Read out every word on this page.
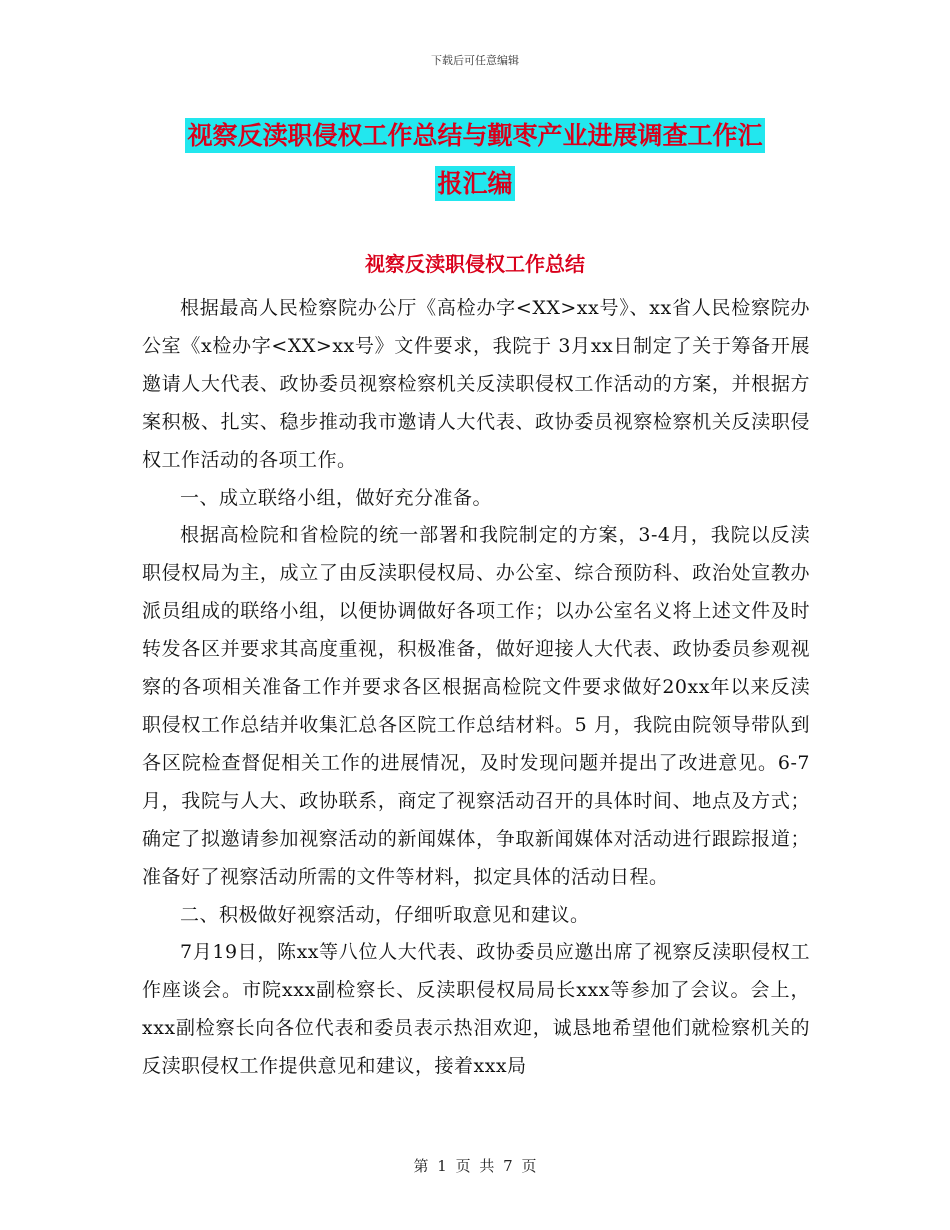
下载后可任意编辑
视察反渎职侵权工作总结与觐枣产业进展调查工作汇
报汇编
视察反渎职侵权工作总结

根据最高人民检察院办公厅《高检办字<XX>xx号》、xx省人民检察院办公室《x检办字<XX>xx号》文件要求，我院于 3月xx日制定了关于筹备开展邀请人大代表、政协委员视察检察机关反渎职侵权工作活动的方案，并根据方案积极、扎实、稳步推动我市邀请人大代表、政协委员视察检察机关反渎职侵权工作活动的各项工作。

一、成立联络小组，做好充分准备。

根据高检院和省检院的统一部署和我院制定的方案，3-4月，我院以反渎职侵权局为主，成立了由反渎职侵权局、办公室、综合预防科、政治处宣教办派员组成的联络小组，以便协调做好各项工作；以办公室名义将上述文件及时转发各区并要求其高度重视，积极准备，做好迎接人大代表、政协委员参观视察的各项相关准备工作并要求各区根据高检院文件要求做好20xx年以来反渎职侵权工作总结并收集汇总各区院工作总结材料。5 月，我院由院领导带队到各区院检查督促相关工作的进展情况，及时发现问题并提出了改进意见。6-7月，我院与人大、政协联系，商定了视察活动召开的具体时间、地点及方式；确定了拟邀请参加视察活动的新闻媒体，争取新闻媒体对活动进行跟踪报道；准备好了视察活动所需的文件等材料，拟定具体的活动日程。

二、积极做好视察活动，仔细听取意见和建议。

7月19日，陈xx等八位人大代表、政协委员应邀出席了视察反渎职侵权工作座谈会。市院xxx副检察长、反渎职侵权局局长xxx等参加了会议。会上，xxx副检察长向各位代表和委员表示热泪欢迎，诚恳地希望他们就检察机关的反渎职侵权工作提供意见和建议，接着xxx局

第 1 页 共 7 页
